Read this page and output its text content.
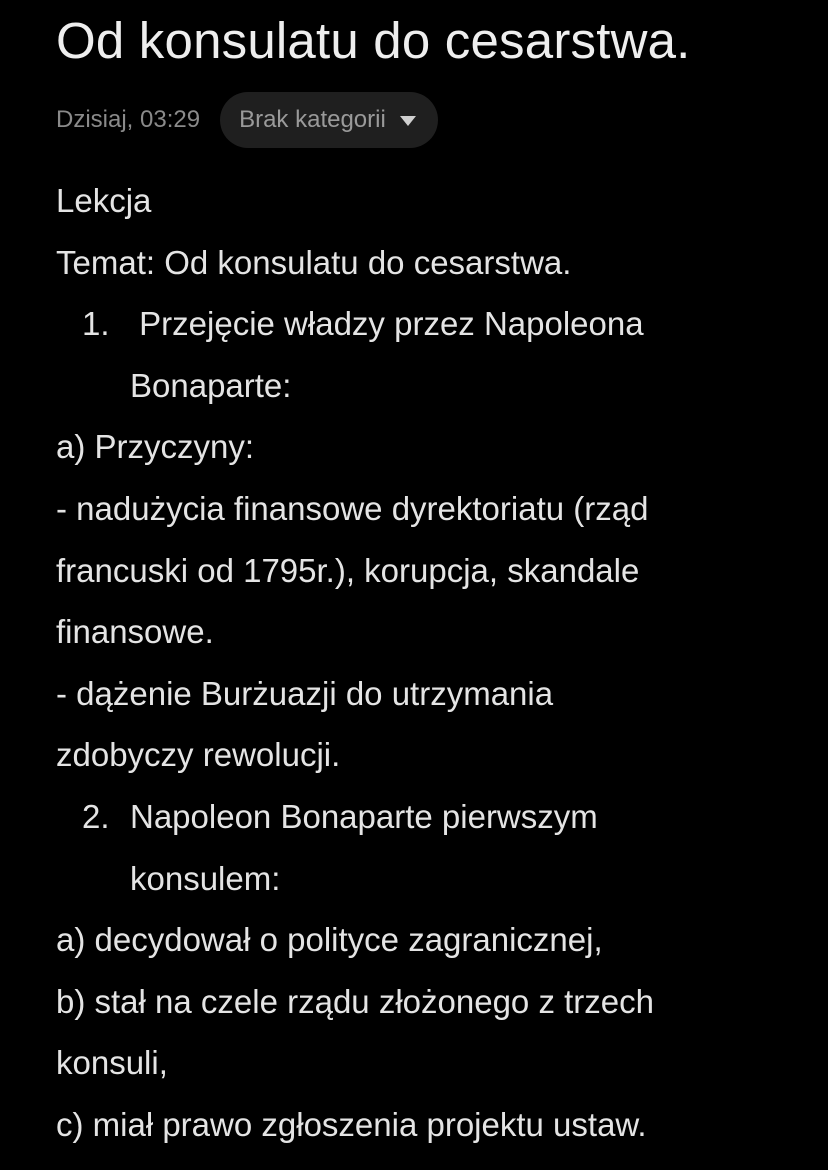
Od konsulatu do cesarstwa.
Dzisiaj, 03:29 Brak kategorii
Lekcja
Temat: Od konsulatu do cesarstwa.
1. Przejęcie władzy przez Napoleona
Bonaparte:
a) Przyczyny:
- nadużycia finansowe dyrektoriatu (rząd
francuski od 1795r.), korupcja, skandale
finansowe.
- dążenie Burżuazji do utrzymania
zdobyczy rewolucji.
2. Napoleon Bonaparte pierwszym
konsulem:
a) decydował o polityce zagranicznej,
b) stał na czele rządu złożonego z trzech
konsuli,
c) miał prawo zgłoszenia projektu ustaw.
